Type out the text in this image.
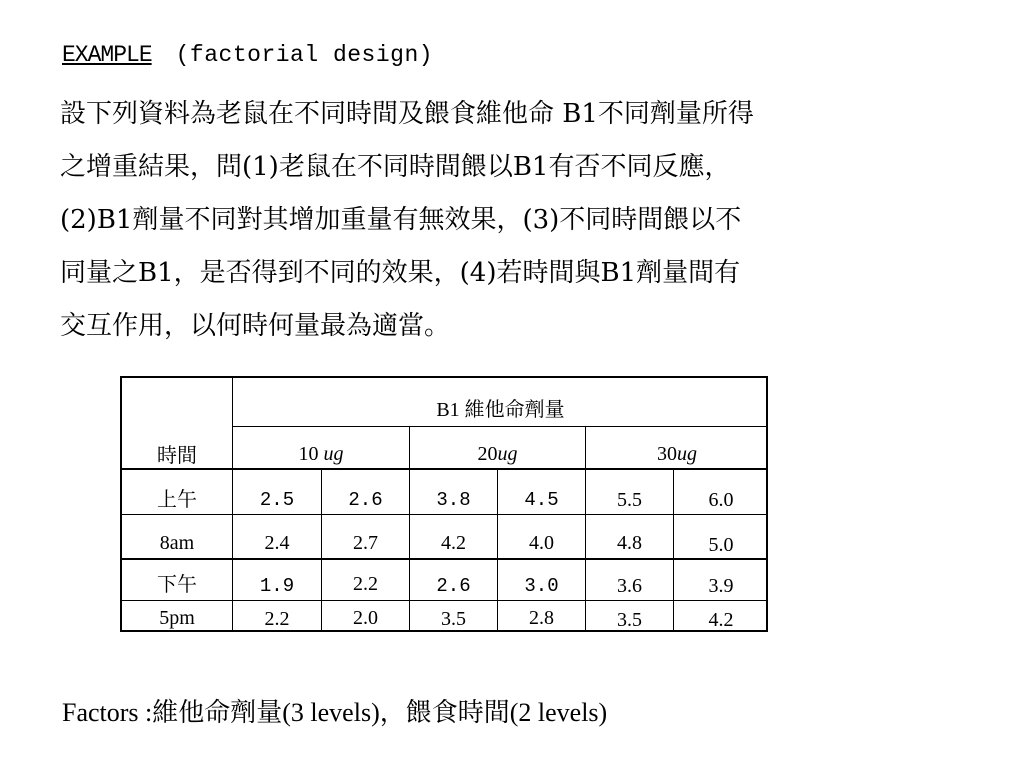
EXAMPLE (factorial design)
設下列資料為老鼠在不同時間及餵食維他命 B1不同劑量所得
之增重結果，問(1)老鼠在不同時間餵以B1有否不同反應，
(2)B1劑量不同對其增加重量有無效果，(3)不同時間餵以不
同量之B1，是否得到不同的效果，(4)若時間與B1劑量間有
交互作用，以何時何量最為適當。
B1 維他命劑量
時間	10 ug	20ug	30ug
上午	2.5	2.6	3.8	4.5	5.5	6.0
8am	2.4	2.7	4.2	4.0	4.8	5.0
下午	1.9	2.2	2.6	3.0	3.6	3.9
5pm	2.2	2.0	3.5	2.8	3.5	4.2
Factors :維他命劑量(3 levels)，餵食時間(2 levels)
